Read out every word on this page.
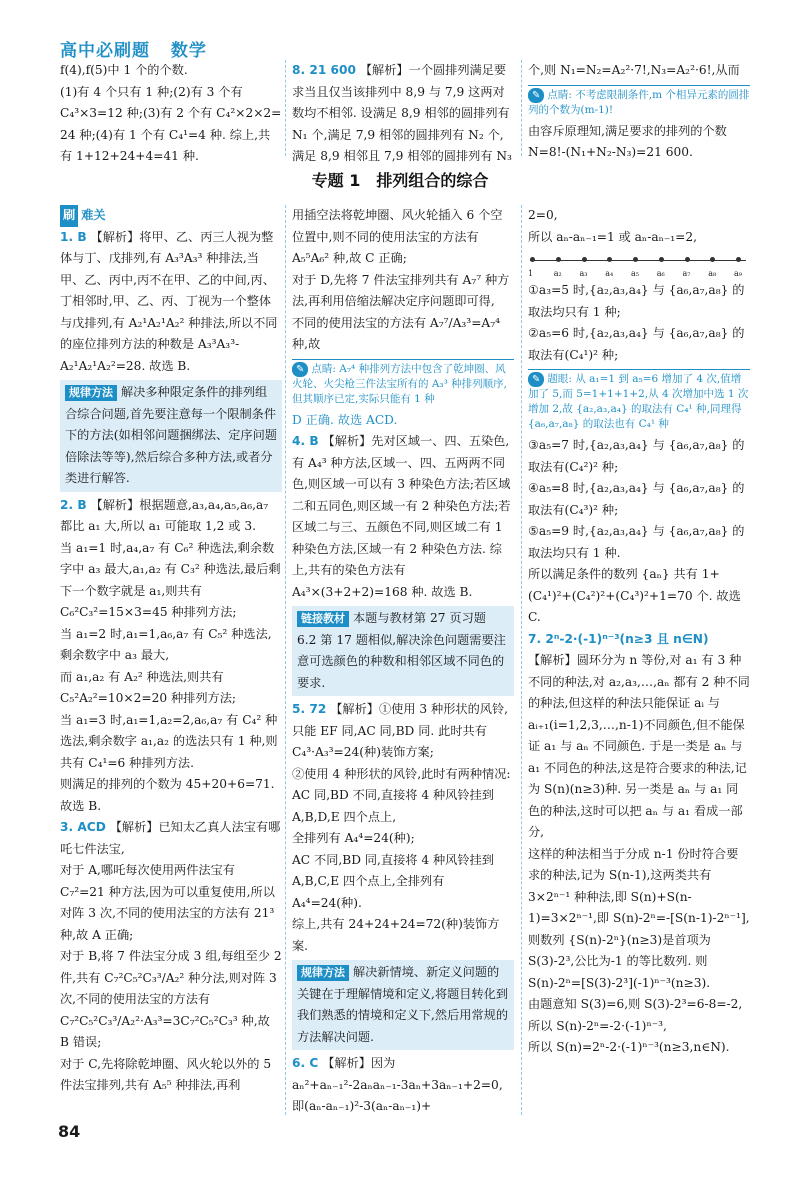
高中必刷题 数学

f(4),f(5)中 1 个的个数.

(1)有 4 个只有 1 种;(2)有 3 个有 C₄³×3=12 种;(3)有 2 个有 C₄²×2×2=

24 种;(4)有 1 个有 C₄¹=4 种. 综上,共有 1+12+24+4=41 种.

8. 21 600 【解析】一个圆排列满足要求当且仅当该排列中 8,9 与 7,9 这两对数均不相邻. 设满足 8,9 相邻的圆排列有 N₁ 个,满足 7,9 相邻的圆排列有 N₂ 个,满足 8,9 相邻且 7,9 相邻的圆排列有 N₃

个,则 N₁=N₂=A₂²·7!,N₃=A₂²·6!,从而

✎ 点睛: 不考虑限制条件,m 个相异元素的圆排列的个数为(m-1)!

由容斥原理知,满足要求的排列的个数 N=8!-(N₁+N₂-N₃)=21 600.

专题 1　排列组合的综合
刷 难关

1. B 【解析】将甲、乙、丙三人视为整体与丁、戊排列,有 A₃³A₃³ 种排法,当甲、乙、丙中,丙不在甲、乙的中间,丙、丁相邻时,甲、乙、丙、丁视为一个整体与戊排列,有 A₂¹A₂¹A₂² 种排法,所以不同的座位排列方法的种数是 A₃³A₃³-A₂¹A₂¹A₂²=28. 故选 B.

规律方法 解决多种限定条件的排列组合综合问题,首先要注意每一个限制条件下的方法(如相邻问题捆绑法、定序问题倍除法等等),然后综合多种方法,或者分类进行解答.

2. B 【解析】根据题意,a₃,a₄,a₅,a₆,a₇ 都比 a₁ 大,所以 a₁ 可能取 1,2 或 3.

当 a₁=1 时,a₄,a₇ 有 C₆² 种选法,剩余数字中 a₃ 最大,a₁,a₂ 有 C₃² 种选法,最后剩下一个数字就是 a₁,则共有 C₆²C₃²=15×3=45 种排列方法;

当 a₁=2 时,a₁=1,a₆,a₇ 有 C₅² 种选法,剩余数字中 a₃ 最大,

而 a₁,a₂ 有 A₂² 种选法,则共有 C₅²A₂²=10×2=20 种排列方法;

当 a₁=3 时,a₁=1,a₂=2,a₆,a₇ 有 C₄² 种选法,剩余数字 a₁,a₂ 的选法只有 1 种,则共有 C₄¹=6 种排列方法.

则满足的排列的个数为 45+20+6=71. 故选 B.

3. ACD 【解析】已知太乙真人法宝有哪吒七件法宝,

对于 A,哪吒每次使用两件法宝有 C₇²=21 种方法,因为可以重复使用,所以对阵 3 次,不同的使用法宝的方法有 21³ 种,故 A 正确;

对于 B,将 7 件法宝分成 3 组,每组至少 2 件,共有 C₇²C₅²C₃³/A₂² 种分法,则对阵 3 次,不同的使用法宝的方法有 C₇²C₅²C₃³/A₂²·A₃³=3C₇²C₅²C₃³ 种,故 B 错误;

对于 C,先将除乾坤圈、风火轮以外的 5 件法宝排列,共有 A₅⁵ 种排法,再利

用插空法将乾坤圈、风火轮插入 6 个空位置中,则不同的使用法宝的方法有 A₅⁵A₆² 种,故 C 正确;

对于 D,先将 7 件法宝排列共有 A₇⁷ 种方法,再利用倍缩法解决定序问题即可得,

不同的使用法宝的方法有 A₇⁷/A₃³=A₇⁴ 种,故

✎ 点睛: A₇⁴ 种排列方法中包含了乾坤圈、风火轮、火尖枪三件法宝所有的 A₃³ 种排列顺序,但其顺序已定,实际只能有 1 种

D 正确. 故选 ACD.

4. B 【解析】先对区域一、四、五染色,有 A₄³ 种方法,区域一、四、五两两不同色,则区域一可以有 3 种染色方法;若区域二和五同色,则区域一有 2 种染色方法;若区域二与三、五颜色不同,则区域二有 1 种染色方法,区域一有 2 种染色方法. 综上,共有的染色方法有 A₄³×(3+2+2)=168 种. 故选 B.

链接教材 本题与教材第 27 页习题 6.2 第 17 题相似,解决涂色问题需要注意可选颜色的种数和相邻区域不同色的要求.

5. 72 【解析】①使用 3 种形状的风铃,只能 EF 同,AC 同,BD 同. 此时共有 C₄³·A₃³=24(种)装饰方案;

②使用 4 种形状的风铃,此时有两种情况:

AC 同,BD 不同,直接将 4 种风铃挂到 A,B,D,E 四个点上,

全排列有 A₄⁴=24(种);

AC 不同,BD 同,直接将 4 种风铃挂到 A,B,C,E 四个点上,全排列有 A₄⁴=24(种).

综上,共有 24+24+24=72(种)装饰方案.

规律方法 解决新情境、新定义问题的关键在于理解情境和定义,将题目转化到我们熟悉的情境和定义下,然后用常规的方法解决问题.

6. C 【解析】因为 aₙ²+aₙ₋₁²-2aₙaₙ₋₁-3aₙ+3aₙ₋₁+2=0,即(aₙ-aₙ₋₁)²-3(aₙ-aₙ₋₁)+

2=0,

所以 aₙ-aₙ₋₁=1 或 aₙ-aₙ₋₁=2,

1	a₂ a₃ a₄ a₅ a₆ a₇ a₈ a₉

①a₃=5 时,{a₂,a₃,a₄} 与 {a₆,a₇,a₈} 的取法均只有 1 种;

②a₅=6 时,{a₂,a₃,a₄} 与 {a₆,a₇,a₈} 的取法有(C₄¹)² 种;

✎ 题眼: 从 a₁=1 到 a₅=6 增加了 4 次,值增加了 5,而 5=1+1+1+2,从 4 次增加中选 1 次增加 2,故 {a₂,a₃,a₄} 的取法有 C₄¹ 种,同理得 {a₆,a₇,a₈} 的取法也有 C₄¹ 种

③a₅=7 时,{a₂,a₃,a₄} 与 {a₆,a₇,a₈} 的取法有(C₄²)² 种;

④a₅=8 时,{a₂,a₃,a₄} 与 {a₆,a₇,a₈} 的取法有(C₄³)² 种;

⑤a₅=9 时,{a₂,a₃,a₄} 与 {a₆,a₇,a₈} 的取法均只有 1 种.

所以满足条件的数列 {aₙ} 共有 1+(C₄¹)²+(C₄²)²+(C₄³)²+1=70 个. 故选 C.

7. 2ⁿ-2·(-1)ⁿ⁻³(n≥3 且 n∈N)

【解析】圆环分为 n 等份,对 a₁ 有 3 种不同的种法,对 a₂,a₃,…,aₙ 都有 2 种不同的种法,但这样的种法只能保证 aᵢ 与 aᵢ₊₁(i=1,2,3,…,n-1)不同颜色,但不能保证 a₁ 与 aₙ 不同颜色. 于是一类是 aₙ 与 a₁ 不同色的种法,这是符合要求的种法,记为 S(n)(n≥3)种. 另一类是 aₙ 与 a₁ 同色的种法,这时可以把 aₙ 与 a₁ 看成一部分,

这样的种法相当于分成 n-1 份时符合要求的种法,记为 S(n-1),这两类共有 3×2ⁿ⁻¹ 种种法,即 S(n)+S(n-1)=3×2ⁿ⁻¹,即 S(n)-2ⁿ=-[S(n-1)-2ⁿ⁻¹],则数列 {S(n)-2ⁿ}(n≥3)是首项为 S(3)-2³,公比为-1 的等比数列. 则 S(n)-2ⁿ=[S(3)-2³](-1)ⁿ⁻³(n≥3).

由题意知 S(3)=6,则 S(3)-2³=6-8=-2,所以 S(n)-2ⁿ=-2·(-1)ⁿ⁻³,

所以 S(n)=2ⁿ-2·(-1)ⁿ⁻³(n≥3,n∈N).

84
